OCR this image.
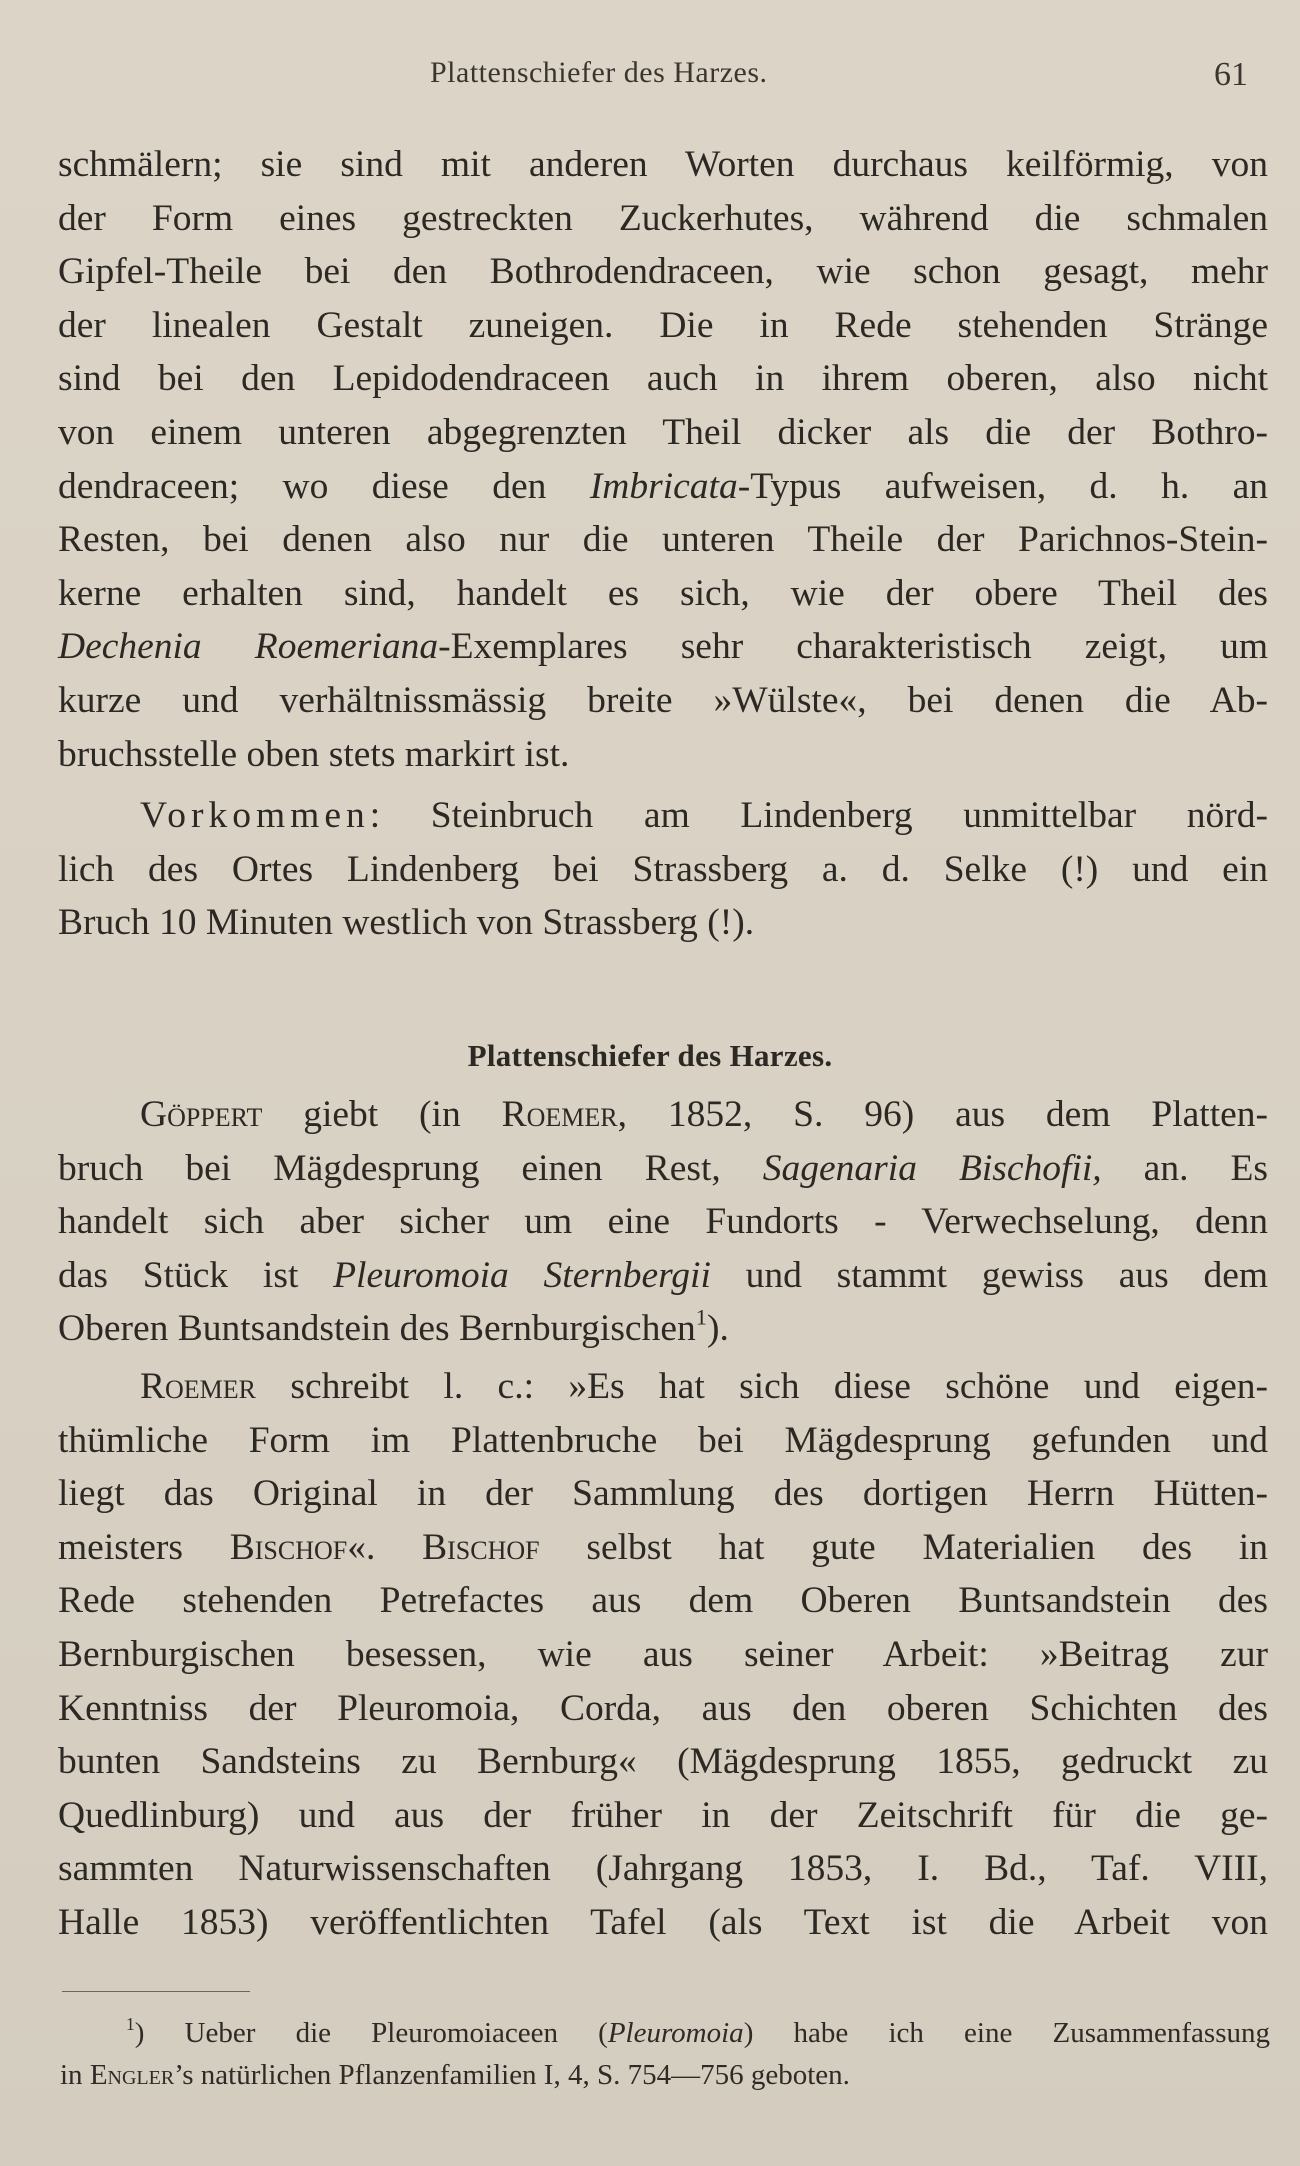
Plattenschiefer des Harzes.	61
schmälern; sie sind mit anderen Worten durchaus keilförmig, von
der Form eines gestreckten Zuckerhutes, während die schmalen
Gipfel-Theile bei den Bothrodendraceen, wie schon gesagt, mehr
der linealen Gestalt zuneigen. Die in Rede stehenden Stränge
sind bei den Lepidodendraceen auch in ihrem oberen, also nicht
von einem unteren abgegrenzten Theil dicker als die der Bothro-
dendraceen; wo diese den Imbricata-Typus aufweisen, d. h. an
Resten, bei denen also nur die unteren Theile der Parichnos-Stein-
kerne erhalten sind, handelt es sich, wie der obere Theil des
Dechenia Roemeriana-Exemplares sehr charakteristisch zeigt, um
kurze und verhältnissmässig breite »Wülste«, bei denen die Ab-
bruchsstelle oben stets markirt ist.
Vorkommen: Steinbruch am Lindenberg unmittelbar nörd-
lich des Ortes Lindenberg bei Strassberg a. d. Selke (!) und ein
Bruch 10 Minuten westlich von Strassberg (!).
Plattenschiefer des Harzes.
Göppert giebt (in Roemer, 1852, S. 96) aus dem Platten-
bruch bei Mägdesprung einen Rest, Sagenaria Bischofii, an. Es
handelt sich aber sicher um eine Fundorts - Verwechselung, denn
das Stück ist Pleuromoia Sternbergii und stammt gewiss aus dem
Oberen Buntsandstein des Bernburgischen$^1$).
Roemer schreibt l. c.: »Es hat sich diese schöne und eigen-
thümliche Form im Plattenbruche bei Mägdesprung gefunden und
liegt das Original in der Sammlung des dortigen Herrn Hütten-
meisters Bischof«. Bischof selbst hat gute Materialien des in
Rede stehenden Petrefactes aus dem Oberen Buntsandstein des
Bernburgischen besessen, wie aus seiner Arbeit: »Beitrag zur
Kenntniss der Pleuromoia, Corda, aus den oberen Schichten des
bunten Sandsteins zu Bernburg« (Mägdesprung 1855, gedruckt zu
Quedlinburg) und aus der früher in der Zeitschrift für die ge-
sammten Naturwissenschaften (Jahrgang 1853, I. Bd., Taf. VIII,
Halle 1853) veröffentlichten Tafel (als Text ist die Arbeit von
$^1$) Ueber die Pleuromoiaceen (Pleuromoia) habe ich eine Zusammenfassung
in Engler’s natürlichen Pflanzenfamilien I, 4, S. 754—756 geboten.
